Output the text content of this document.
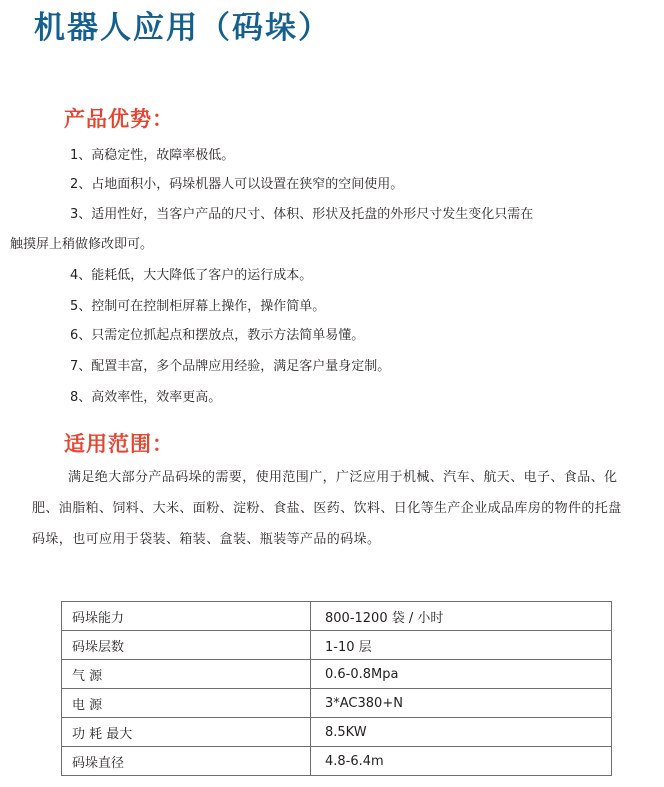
机器人应用（码垛）
产品优势：
1、高稳定性，故障率极低。
2、占地面积小，码垛机器人可以设置在狭窄的空间使用。
3、适用性好，当客户产品的尺寸、体积、形状及托盘的外形尺寸发生变化只需在
触摸屏上稍做修改即可。
4、能耗低，大大降低了客户的运行成本。
5、控制可在控制柜屏幕上操作，操作简单。
6、只需定位抓起点和摆放点，教示方法简单易懂。
7、配置丰富，多个品牌应用经验，满足客户量身定制。
8、高效率性，效率更高。
适用范围：

满足绝大部分产品码垛的需要，使用范围广，广泛应用于机械、汽车、航天、电子、食品、化肥、油脂粕、饲料、大米、面粉、淀粉、食盐、医药、饮料、日化等生产企业成品库房的物件的托盘码垛，也可应用于袋装、箱装、盒装、瓶装等产品的码垛。

码垛能力	800-1200 袋 / 小时
码垛层数	1-10 层
气 源	0.6-0.8Mpa
电 源	3*AC380+N
功 耗 最大	8.5KW
码垛直径	4.8-6.4m
